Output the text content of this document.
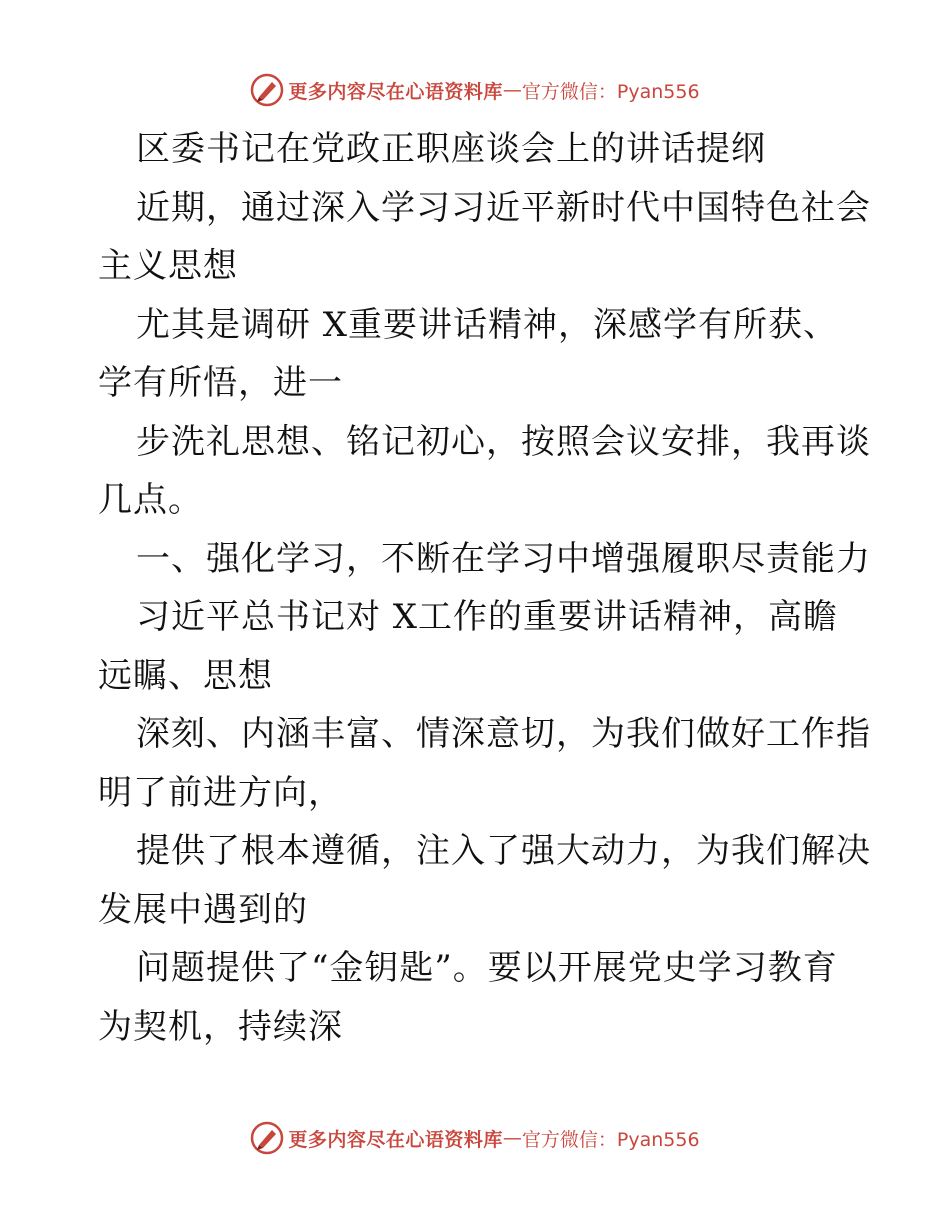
更多内容尽在心语资料库 — 官方微信：Pyan556
区委书记在党政正职座谈会上的讲话提纲
近期，通过深入学习习近平新时代中国特色社会
主义思想
尤其是调研 X重要讲话精神，深感学有所获、
学有所悟，进一
步洗礼思想、铭记初心，按照会议安排，我再谈
几点。
一、强化学习，不断在学习中增强履职尽责能力
习近平总书记对 X工作的重要讲话精神，高瞻
远瞩、思想
深刻、内涵丰富、情深意切，为我们做好工作指
明了前进方向，
提供了根本遵循，注入了强大动力，为我们解决
发展中遇到的
问题提供了“金钥匙”。要以开展党史学习教育
为契机，持续深
更多内容尽在心语资料库 — 官方微信：Pyan556
